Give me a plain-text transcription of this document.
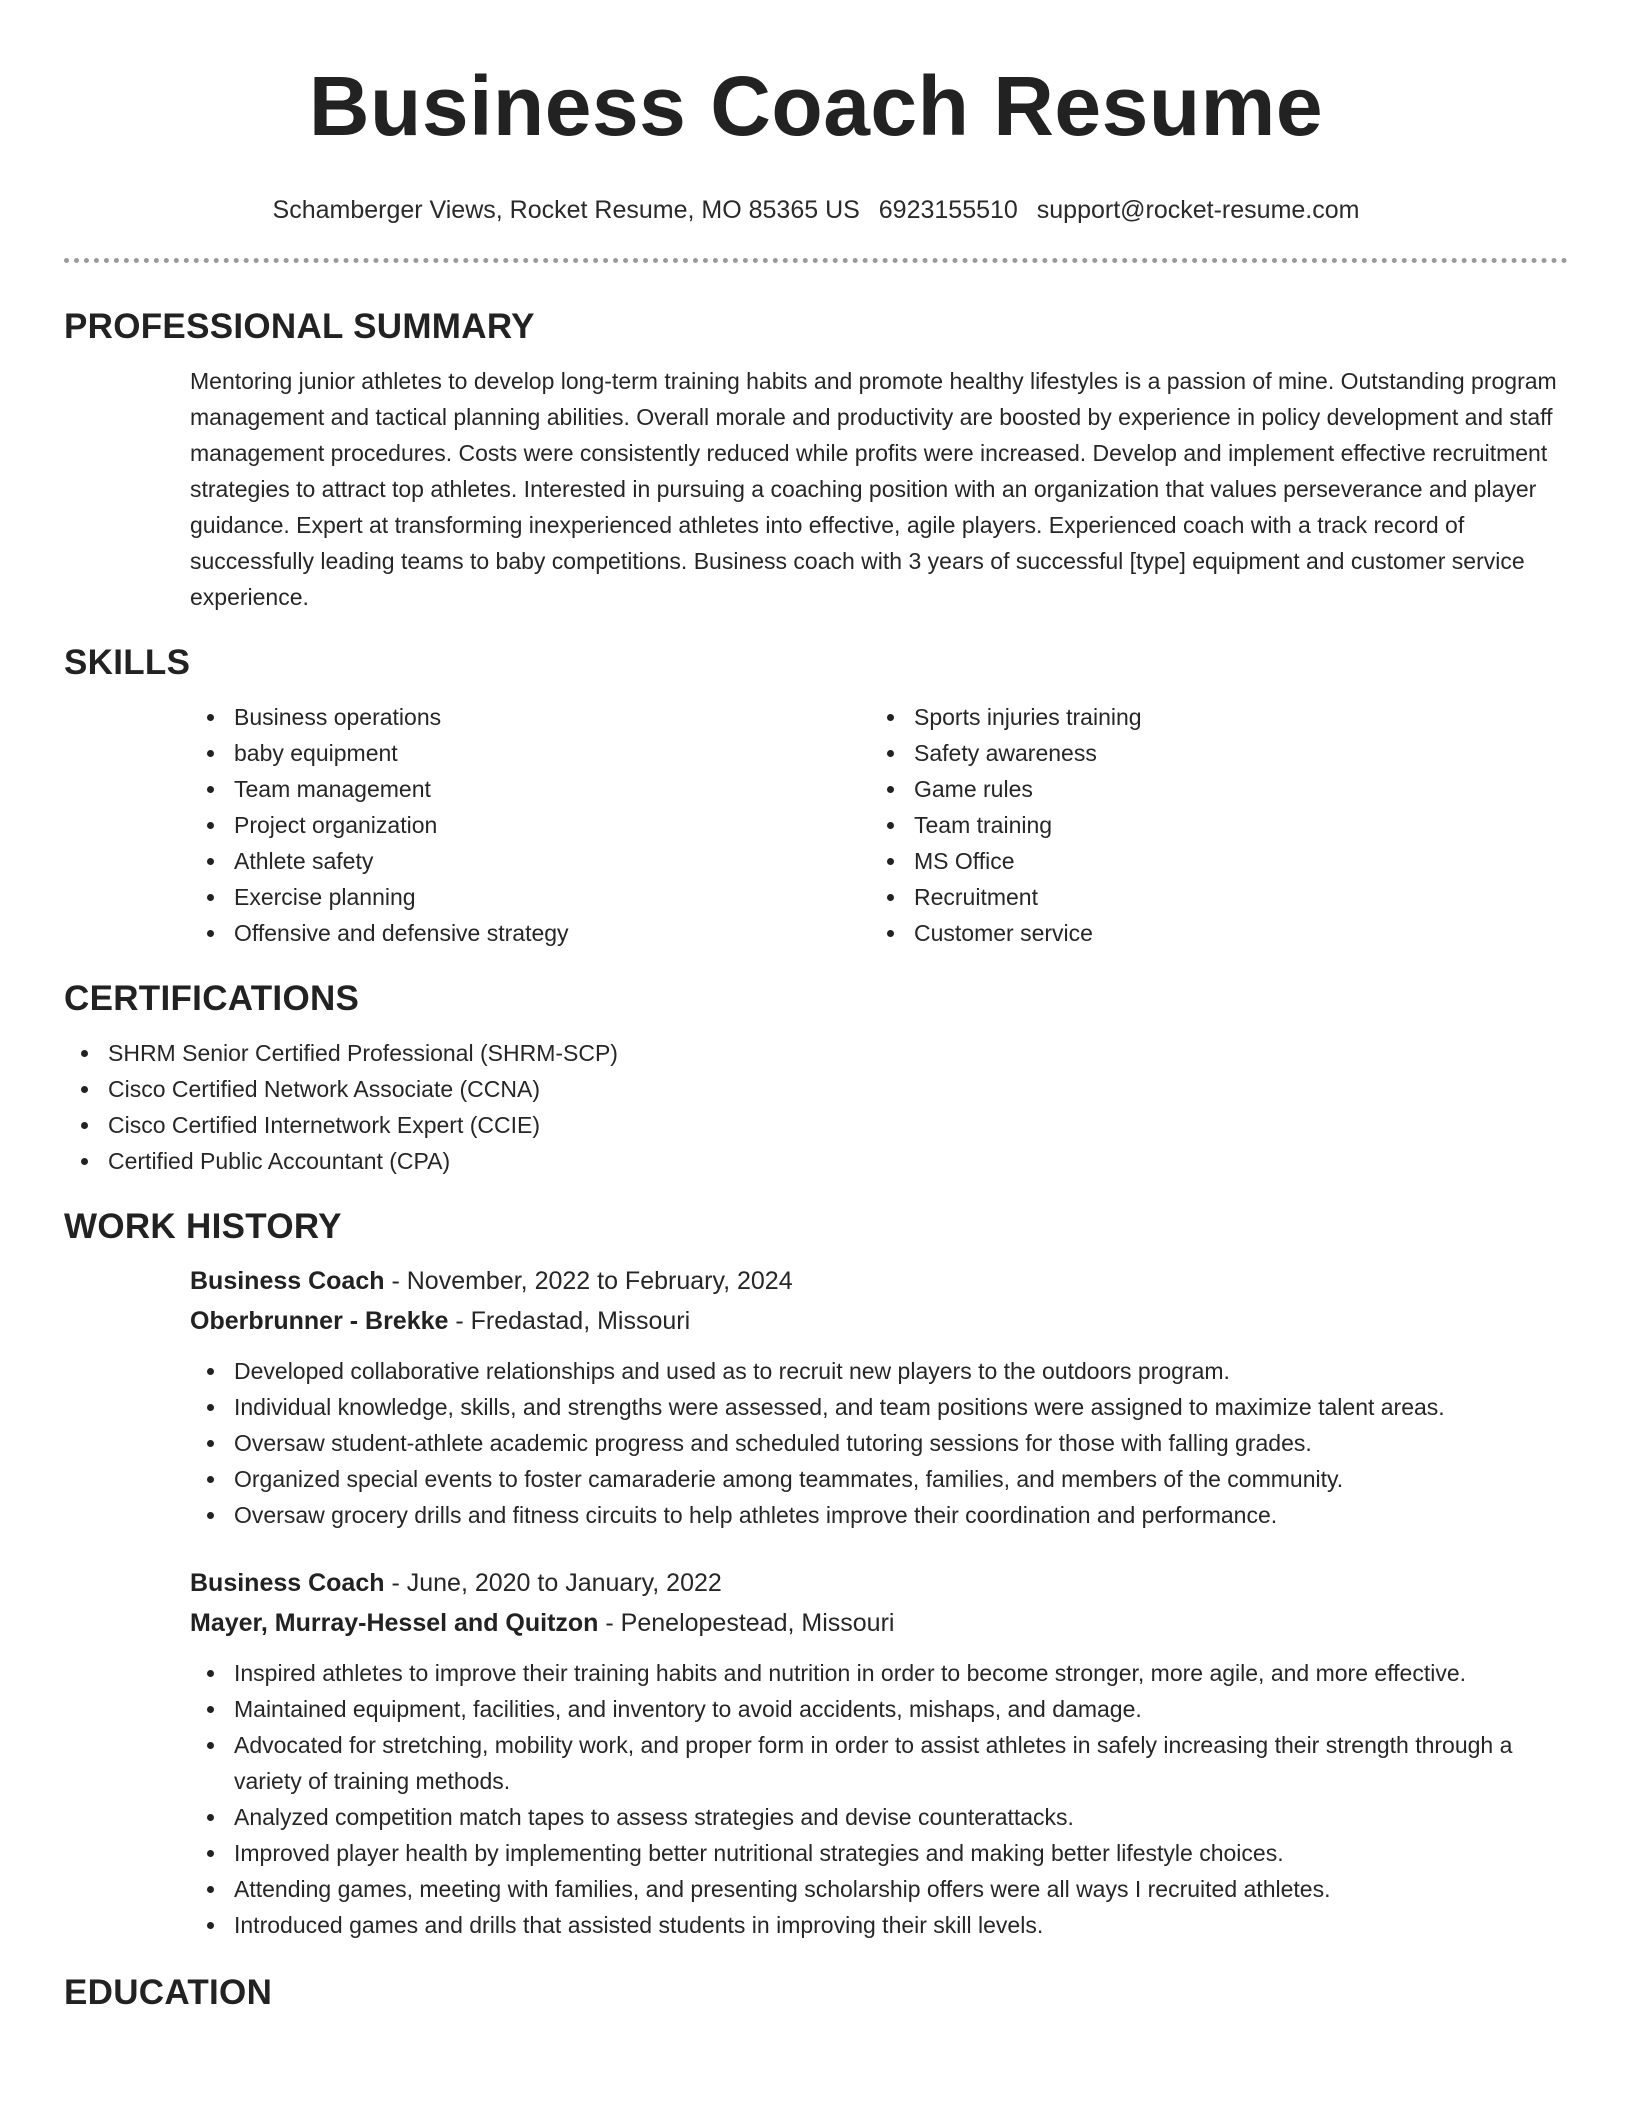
Business Coach Resume
Schamberger Views, Rocket Resume, MO 85365 US 6923155510 support@rocket-resume.com
PROFESSIONAL SUMMARY
Mentoring junior athletes to develop long-term training habits and promote healthy lifestyles is a passion of mine. Outstanding program management and tactical planning abilities. Overall morale and productivity are boosted by experience in policy development and staff management procedures. Costs were consistently reduced while profits were increased. Develop and implement effective recruitment strategies to attract top athletes. Interested in pursuing a coaching position with an organization that values perseverance and player guidance. Expert at transforming inexperienced athletes into effective, agile players. Experienced coach with a track record of successfully leading teams to baby competitions. Business coach with 3 years of successful [type] equipment and customer service experience.
SKILLS
Business operations
baby equipment
Team management
Project organization
Athlete safety
Exercise planning
Offensive and defensive strategy
Sports injuries training
Safety awareness
Game rules
Team training
MS Office
Recruitment
Customer service
CERTIFICATIONS
SHRM Senior Certified Professional (SHRM-SCP)
Cisco Certified Network Associate (CCNA)
Cisco Certified Internetwork Expert (CCIE)
Certified Public Accountant (CPA)
WORK HISTORY
Business Coach - November, 2022 to February, 2024
Oberbrunner - Brekke - Fredastad, Missouri
Developed collaborative relationships and used as to recruit new players to the outdoors program.
Individual knowledge, skills, and strengths were assessed, and team positions were assigned to maximize talent areas.
Oversaw student-athlete academic progress and scheduled tutoring sessions for those with falling grades.
Organized special events to foster camaraderie among teammates, families, and members of the community.
Oversaw grocery drills and fitness circuits to help athletes improve their coordination and performance.
Business Coach - June, 2020 to January, 2022
Mayer, Murray-Hessel and Quitzon - Penelopestead, Missouri
Inspired athletes to improve their training habits and nutrition in order to become stronger, more agile, and more effective.
Maintained equipment, facilities, and inventory to avoid accidents, mishaps, and damage.
Advocated for stretching, mobility work, and proper form in order to assist athletes in safely increasing their strength through a variety of training methods.
Analyzed competition match tapes to assess strategies and devise counterattacks.
Improved player health by implementing better nutritional strategies and making better lifestyle choices.
Attending games, meeting with families, and presenting scholarship offers were all ways I recruited athletes.
Introduced games and drills that assisted students in improving their skill levels.
EDUCATION
